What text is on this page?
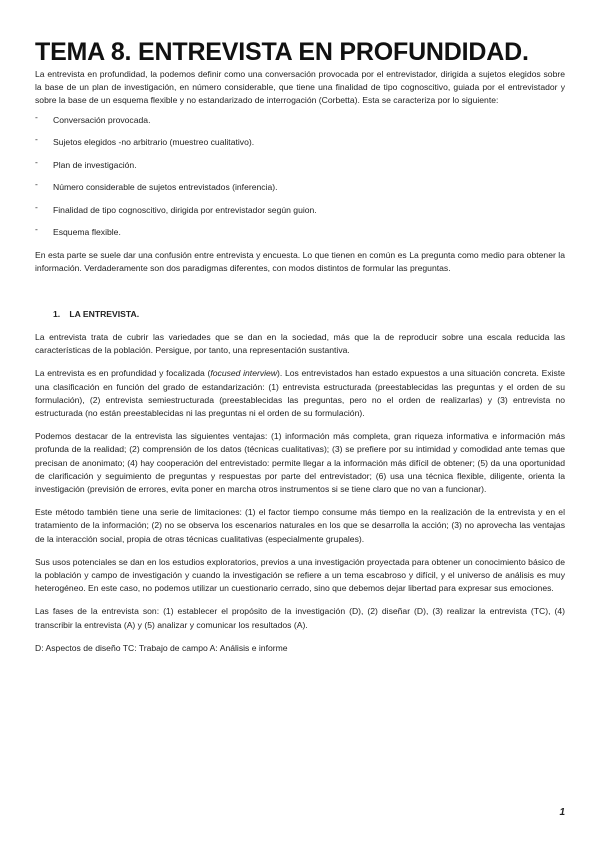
TEMA 8. ENTREVISTA EN PROFUNDIDAD.

La entrevista en profundidad, la podemos definir como una conversación provocada por el entrevistador, dirigida a sujetos elegidos sobre la base de un plan de investigación, en número considerable, que tiene una finalidad de tipo cognoscitivo, guiada por el entrevistador y sobre la base de un esquema flexible y no estandarizado de interrogación (Corbetta). Esta se caracteriza por lo siguiente:

- Conversación provocada.
- Sujetos elegidos -no arbitrario (muestreo cualitativo).
- Plan de investigación.
- Número considerable de sujetos entrevistados (inferencia).
- Finalidad de tipo cognoscitivo, dirigida por entrevistador según guion.
- Esquema flexible.

En esta parte se suele dar una confusión entre entrevista y encuesta. Lo que tienen en común es La pregunta como medio para obtener la información. Verdaderamente son dos paradigmas diferentes, con modos distintos de formular las preguntas.

1. LA ENTREVISTA.

La entrevista trata de cubrir las variedades que se dan en la sociedad, más que la de reproducir sobre una escala reducida las características de la población. Persigue, por tanto, una representación sustantiva.

La entrevista es en profundidad y focalizada (focused interview). Los entrevistados han estado expuestos a una situación concreta. Existe una clasificación en función del grado de estandarización: (1) entrevista estructurada (preestablecidas las preguntas y el orden de su formulación), (2) entrevista semiestructurada (preestablecidas las preguntas, pero no el orden de realizarlas) y (3) entrevista no estructurada (no están preestablecidas ni las preguntas ni el orden de su formulación).

Podemos destacar de la entrevista las siguientes ventajas: (1) información más completa, gran riqueza informativa e información más profunda de la realidad; (2) comprensión de los datos (técnicas cualitativas); (3) se prefiere por su intimidad y comodidad ante temas que precisan de anonimato; (4) hay cooperación del entrevistado: permite llegar a la información más difícil de obtener; (5) da una oportunidad de clarificación y seguimiento de preguntas y respuestas por parte del entrevistador; (6) usa una técnica flexible, diligente, orienta la investigación (previsión de errores, evita poner en marcha otros instrumentos si se tiene claro que no van a funcionar).

Este método también tiene una serie de limitaciones: (1) el factor tiempo consume más tiempo en la realización de la entrevista y en el tratamiento de la información; (2) no se observa los escenarios naturales en los que se desarrolla la acción; (3) no aprovecha las ventajas de la interacción social, propia de otras técnicas cualitativas (especialmente grupales).

Sus usos potenciales se dan en los estudios exploratorios, previos a una investigación proyectada para obtener un conocimiento básico de la población y campo de investigación y cuando la investigación se refiere a un tema escabroso y difícil, y el universo de análisis es muy heterogéneo. En este caso, no podemos utilizar un cuestionario cerrado, sino que debemos dejar libertad para expresar sus emociones.

Las fases de la entrevista son: (1) establecer el propósito de la investigación (D), (2) diseñar (D), (3) realizar la entrevista (TC), (4) transcribir la entrevista (A) y (5) analizar y comunicar los resultados (A).

D: Aspectos de diseño TC: Trabajo de campo A: Análisis e informe

1
